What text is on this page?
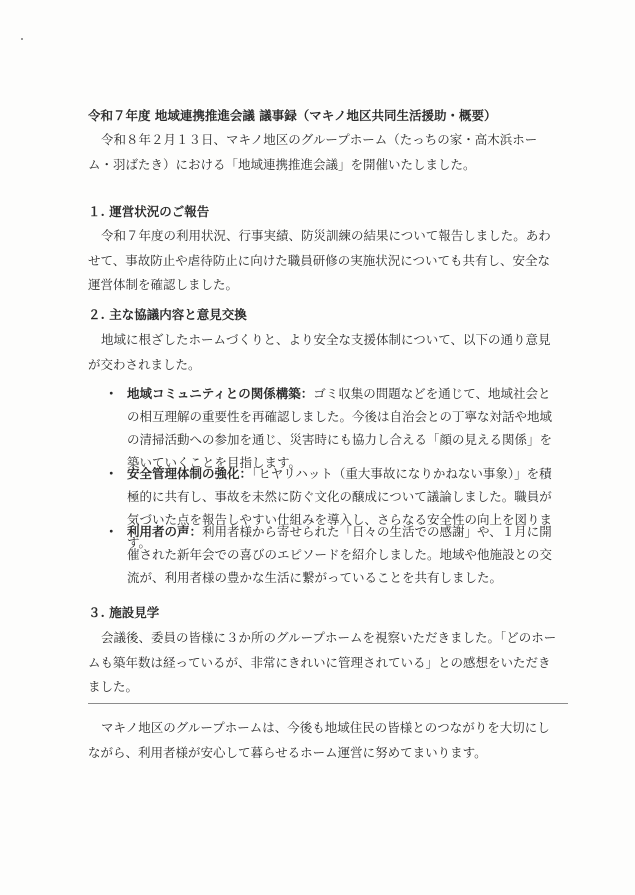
令和７年度 地域連携推進会議 議事録（マキノ地区共同生活援助・概要）
令和８年２月１３日、マキノ地区のグループホーム（たっちの家・高木浜ホーム・羽ばたき）における「地域連携推進会議」を開催いたしました。
１. 運営状況のご報告
令和７年度の利用状況、行事実績、防災訓練の結果について報告しました。あわせて、事故防止や虐待防止に向けた職員研修の実施状況についても共有し、安全な運営体制を確認しました。
２. 主な協議内容と意見交換
地域に根ざしたホームづくりと、より安全な支援体制について、以下の通り意見が交わされました。
・ 地域コミュニティとの関係構築：ゴミ収集の問題などを通じて、地域社会との相互理解の重要性を再確認しました。今後は自治会との丁寧な対話や地域の清掃活動への参加を通じ、災害時にも協力し合える「顔の見える関係」を築いていくことを目指します。
・ 安全管理体制の強化：「ヒヤリハット（重大事故になりかねない事象）」を積極的に共有し、事故を未然に防ぐ文化の醸成について議論しました。職員が気づいた点を報告しやすい仕組みを導入し、さらなる安全性の向上を図ります。
・ 利用者の声：利用者様から寄せられた「日々の生活での感謝」や、１月に開催された新年会での喜びのエピソードを紹介しました。地域や他施設との交流が、利用者様の豊かな生活に繋がっていることを共有しました。
３. 施設見学
会議後、委員の皆様に３か所のグループホームを視察いただきました。「どのホームも築年数は経っているが、非常にきれいに管理されている」との感想をいただきました。
マキノ地区のグループホームは、今後も地域住民の皆様とのつながりを大切にしながら、利用者様が安心して暮らせるホーム運営に努めてまいります。
